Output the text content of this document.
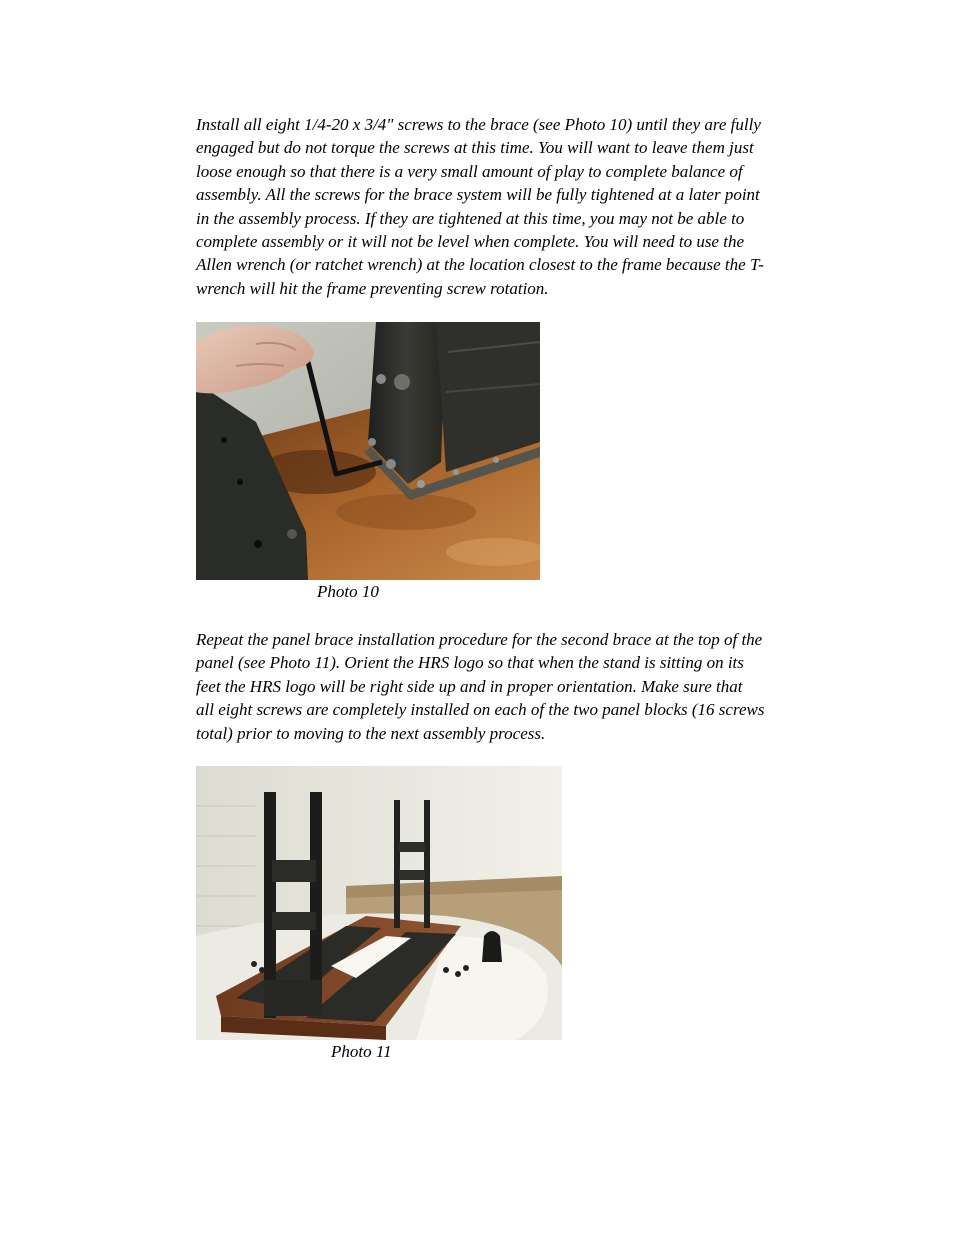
Install all eight 1/4-20 x 3/4" screws to the brace (see Photo 10) until they are fully
engaged but do not torque the screws at this time. You will want to leave them just
loose enough so that there is a very small amount of play to complete balance of
assembly. All the screws for the brace system will be fully tightened at a later point
in the assembly process. If they are tightened at this time, you may not be able to
complete assembly or it will not be level when complete. You will need to use the
Allen wrench (or ratchet wrench) at the location closest to the frame because the T-
wrench will hit the frame preventing screw rotation.
Photo 10
Repeat the panel brace installation procedure for the second brace at the top of the
panel (see Photo 11). Orient the HRS logo so that when the stand is sitting on its
feet the HRS logo will be right side up and in proper orientation. Make sure that
all eight screws are completely installed on each of the two panel blocks (16 screws
total) prior to moving to the next assembly process.
Photo 11
